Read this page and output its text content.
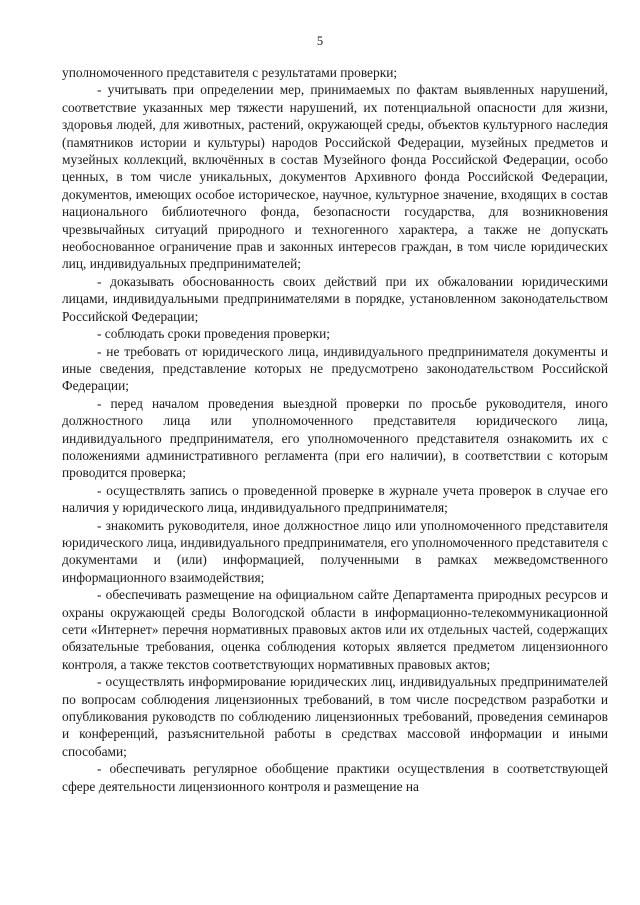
5

уполномоченного представителя с результатами проверки;

- учитывать при определении мер, принимаемых по фактам выявленных нарушений, соответствие указанных мер тяжести нарушений, их потенциальной опасности для жизни, здоровья людей, для животных, растений, окружающей среды, объектов культурного наследия (памятников истории и культуры) народов Российской Федерации, музейных предметов и музейных коллекций, включённых в состав Музейного фонда Российской Федерации, особо ценных, в том числе уникальных, документов Архивного фонда Российской Федерации, документов, имеющих особое историческое, научное, культурное значение, входящих в состав национального библиотечного фонда, безопасности государства, для возникновения чрезвычайных ситуаций природного и техногенного характера, а также не допускать необоснованное ограничение прав и законных интересов граждан, в том числе юридических лиц, индивидуальных предпринимателей;

- доказывать обоснованность своих действий при их обжаловании юридическими лицами, индивидуальными предпринимателями в порядке, установленном законодательством Российской Федерации;

- соблюдать сроки проведения проверки;

- не требовать от юридического лица, индивидуального предпринимателя документы и иные сведения, представление которых не предусмотрено законодательством Российской Федерации;

- перед началом проведения выездной проверки по просьбе руководителя, иного должностного лица или уполномоченного представителя юридического лица, индивидуального предпринимателя, его уполномоченного представителя ознакомить их с положениями административного регламента (при его наличии), в соответствии с которым проводится проверка;

- осуществлять запись о проведенной проверке в журнале учета проверок в случае его наличия у юридического лица, индивидуального предпринимателя;

- знакомить руководителя, иное должностное лицо или уполномоченного представителя юридического лица, индивидуального предпринимателя, его уполномоченного представителя с документами и (или) информацией, полученными в рамках межведомственного информационного взаимодействия;

- обеспечивать размещение на официальном сайте Департамента природных ресурсов и охраны окружающей среды Вологодской области в информационно-телекоммуникационной сети «Интернет» перечня нормативных правовых актов или их отдельных частей, содержащих обязательные требования, оценка соблюдения которых является предметом лицензионного контроля, а также текстов соответствующих нормативных правовых актов;

- осуществлять информирование юридических лиц, индивидуальных предпринимателей по вопросам соблюдения лицензионных требований, в том числе посредством разработки и опубликования руководств по соблюдению лицензионных требований, проведения семинаров и конференций, разъяснительной работы в средствах массовой информации и иными способами;

- обеспечивать регулярное обобщение практики осуществления в соответствующей сфере деятельности лицензионного контроля и размещение на
